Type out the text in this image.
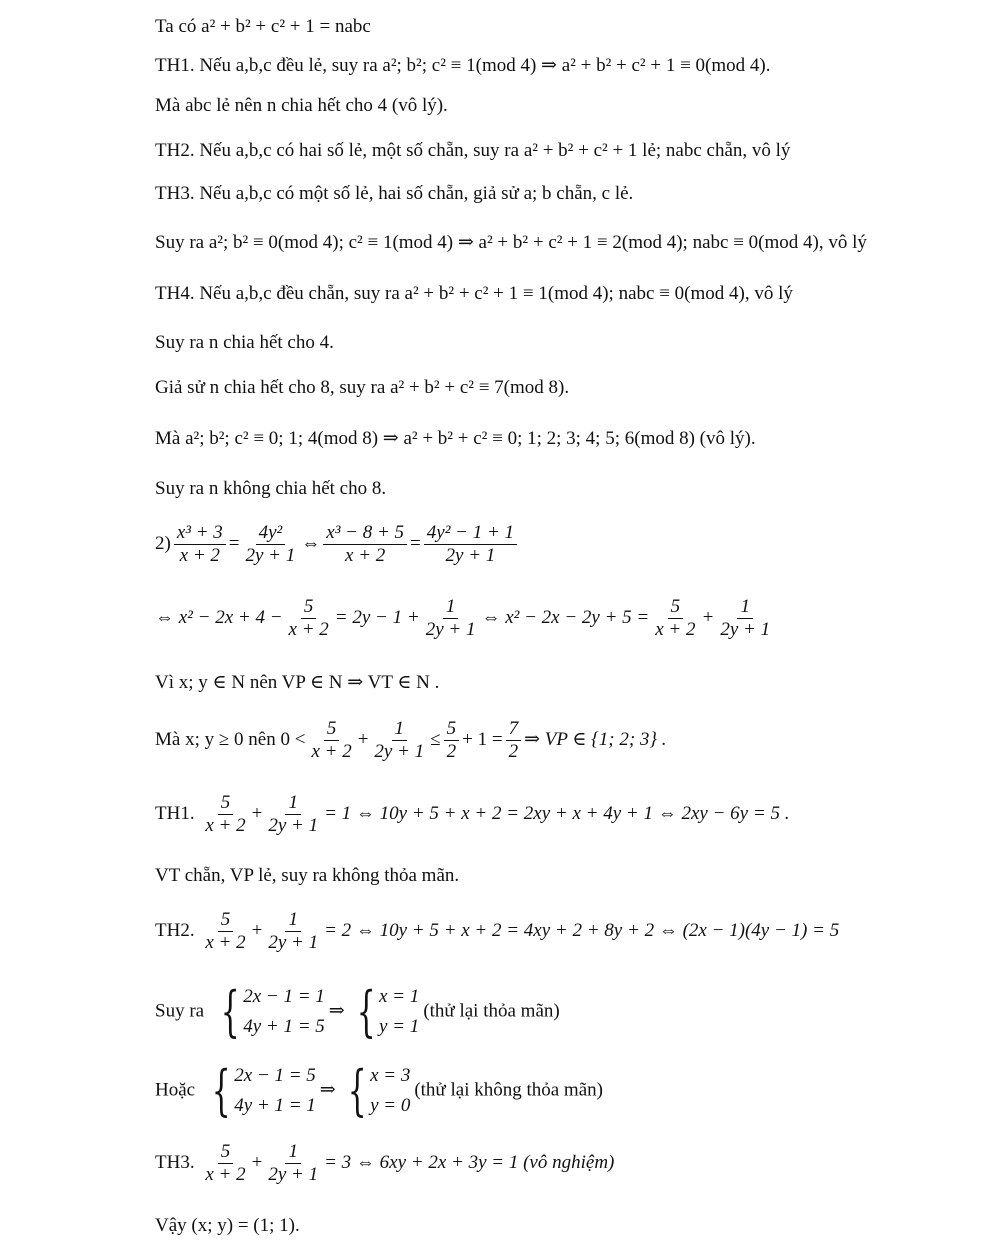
Ta có a² + b² + c² + 1 = nabc
TH1. Nếu a,b,c đều lẻ, suy ra a²; b²; c² ≡ 1(mod 4) ⇒ a² + b² + c² + 1 ≡ 0(mod 4).
Mà abc lẻ nên n chia hết cho 4 (vô lý).
TH2. Nếu a,b,c có hai số lẻ, một số chẵn, suy ra a² + b² + c² + 1 lẻ; nabc chẵn, vô lý
TH3. Nếu a,b,c có một số lẻ, hai số chẵn, giả sử a; b chẵn, c lẻ.
Suy ra a²; b² ≡ 0(mod 4); c² ≡ 1(mod 4) ⇒ a² + b² + c² + 1 ≡ 2(mod 4); nabc ≡ 0(mod 4), vô lý
TH4. Nếu a,b,c đều chẵn, suy ra a² + b² + c² + 1 ≡ 1(mod 4); nabc ≡ 0(mod 4), vô lý
Suy ra n chia hết cho 4.
Giả sử n chia hết cho 8, suy ra a² + b² + c² ≡ 7(mod 8).
Mà a²; b²; c² ≡ 0; 1; 4(mod 8) ⇒ a² + b² + c² ≡ 0; 1; 2; 3; 4; 5; 6(mod 8) (vô lý).
Suy ra n không chia hết cho 8.
$2) \frac{\text{x³ + 3}}{x + 2} = \frac{\text{4y²}}{2y + 1}$ ⇔ $\frac{\text{x³ − 8 + 5}}{x + 2} = \frac{\text{4y² − 1 + 1}}{2y + 1}$
⇔ $x^2 - 2x + 4 - \frac{5}{x + 2} = 2y - 1 + \frac{1}{2y + 1}$ ⇔ $x^2 - 2x - 2y + 5 = \frac{5}{x + 2} + \frac{1}{2y + 1}$
Vì x; y ∈ N nên VP ∈ N ⇒ VT ∈ N .
Mà x; y ≥ 0 nên $0 < \frac{5}{x + 2} + \frac{1}{2y + 1} \le \frac{5}{2} + 1 = \frac{7}{2}$ ⇒ VP ∈ {1; 2; 3} .
TH1. $\frac{5}{x + 2} + \frac{1}{2y + 1} = 1$ ⇔ 10y + 5 + x + 2 = 2xy + x + 4y + 1 ⇔ 2xy − 6y = 5 .
VT chẵn, VP lẻ, suy ra không thỏa mãn.
TH2. $\frac{5}{x + 2} + \frac{1}{2y + 1} = 2$ ⇔ 10y + 5 + x + 2 = 4xy + 2 + 8y + 2 ⇔ (2x − 1)(4y − 1) = 5
Suy ra { 2x − 1 = 1
4y + 1 = 5
⇒ { x = 1
y = 1
(thử lại thỏa mãn)
Hoặc { 2x − 1 = 5
4y + 1 = 1
⇒ { x = 3
y = 0
(thử lại không thỏa mãn)
TH3. $\frac{5}{x + 2} + \frac{1}{2y + 1} = 3$ ⇔ 6xy + 2x + 3y = 1 (vô nghiệm)
Vậy (x; y) = (1; 1).
